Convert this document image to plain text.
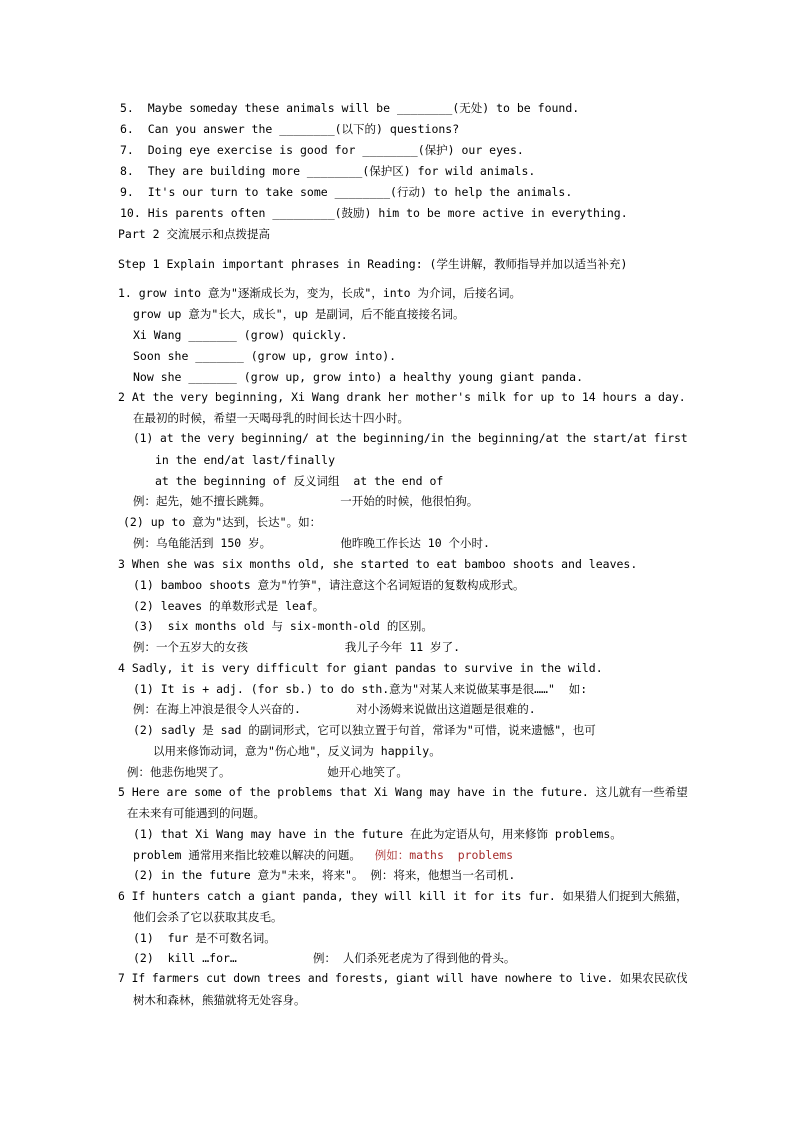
5.  Maybe someday these animals will be ________(无处) to be found.
6.  Can you answer the ________(以下的) questions?
7.  Doing eye exercise is good for ________(保护) our eyes.
8.  They are building more ________(保护区) for wild animals.
9.  It's our turn to take some ________(行动) to help the animals.
10. His parents often _________(鼓励) him to be more active in everything.
Part 2 交流展示和点拨提高
Step 1 Explain important phrases in Reading: (学生讲解，教师指导并加以适当补充)
1. grow into 意为"逐渐成长为，变为，长成"，into 为介词，后接名词。
grow up 意为"长大，成长"，up 是副词，后不能直接接名词。
Xi Wang _______ (grow) quickly.
Soon she _______ (grow up, grow into).
Now she _______ (grow up, grow into) a healthy young giant panda.
2 At the very beginning, Xi Wang drank her mother's milk for up to 14 hours a day.
在最初的时候，希望一天喝母乳的时间长达十四小时。
(1) at the very beginning/ at the beginning/in the beginning/at the start/at first
in the end/at last/finally
at the beginning of 反义词组  at the end of
例：起先，她不擅长跳舞。          一开始的时候，他很怕狗。
(2) up to 意为"达到，长达"。如：
例：乌龟能活到 150 岁。          他昨晚工作长达 10 个小时.
3 When she was six months old, she started to eat bamboo shoots and leaves.
(1) bamboo shoots 意为"竹笋"，请注意这个名词短语的复数构成形式。
(2) leaves 的单数形式是 leaf。
(3)  six months old 与 six-month-old 的区别。
例：一个五岁大的女孩              我儿子今年 11 岁了.
4 Sadly, it is very difficult for giant pandas to survive in the wild.
(1) It is + adj. (for sb.) to do sth.意为"对某人来说做某事是很……"  如:
例：在海上冲浪是很令人兴奋的.        对小汤姆来说做出这道题是很难的.
(2) sadly 是 sad 的副词形式，它可以独立置于句首，常译为"可惜，说来遗憾"，也可
以用来修饰动词，意为"伤心地"，反义词为 happily。
例：他悲伤地哭了。              她开心地笑了。
5 Here are some of the problems that Xi Wang may have in the future. 这儿就有一些希望
在未来有可能遇到的问题。
(1) that Xi Wang may have in the future 在此为定语从句，用来修饰 problems。
problem 通常用来指比较难以解决的问题。 例如：maths  problems
(2) in the future 意为"未来，将来"。 例：将来，他想当一名司机.
6 If hunters catch a giant panda, they will kill it for its fur. 如果猎人们捉到大熊猫，
他们会杀了它以获取其皮毛。
(1)  fur 是不可数名词。
(2)  kill …for…           例： 人们杀死老虎为了得到他的骨头。
7 If farmers cut down trees and forests, giant will have nowhere to live. 如果农民砍伐
树木和森林，熊猫就将无处容身。
